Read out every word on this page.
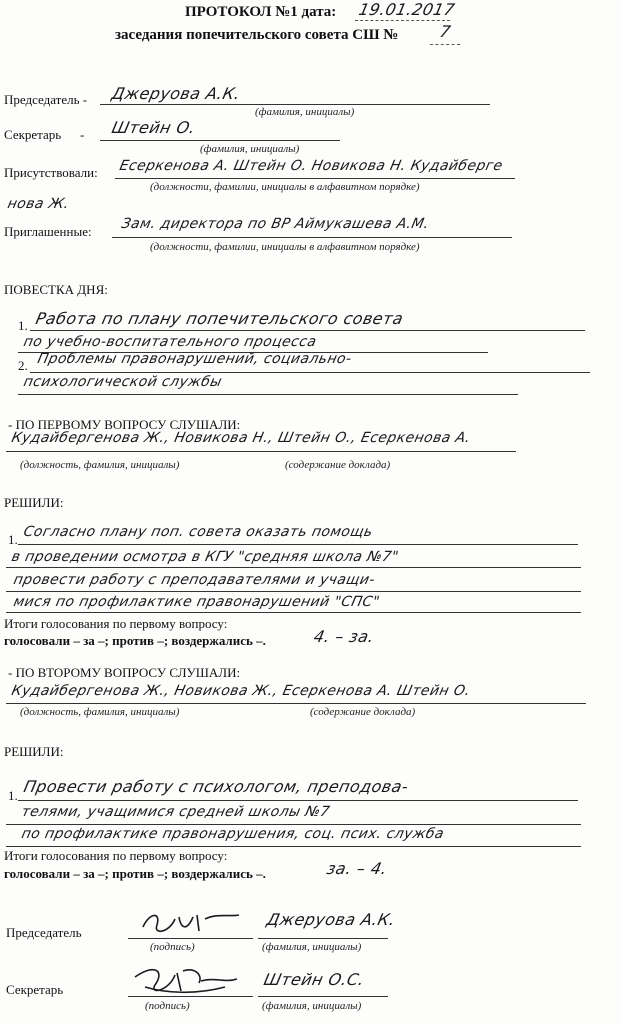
ПРОТОКОЛ №1 дата: 19.01.2017
заседания попечительского совета СШ № 7
Председатель - Джеруова А.К.
(фамилия, инициалы)
Секретарь - Штейн О.
(фамилия, инициалы)
Присутствовали: Есеркенова А. Штейн О. Новикова Н. Кудайберге
(должности, фамилии, инициалы в алфавитном порядке)
нова Ж.
Приглашенные: Зам. директора по ВР Аймукашева А.М.
(должности, фамилии, инициалы в алфавитном порядке)
ПОВЕСТКА ДНЯ:
1. Работа по плану попечительского совета
по учебно-воспитательного процесса
2. Проблемы правонарушений, социально-
психологической службы
- ПО ПЕРВОМУ ВОПРОСУ СЛУШАЛИ:
Кудайбергенова Ж., Новикова Н., Штейн О., Есеркенова А.
(должность, фамилия, инициалы)	(содержание доклада)
РЕШИЛИ:
1. Согласно плану поп. совета оказать помощь
в проведении осмотра в КГУ "средняя школа №7"
провести работу с преподавателями и учащи-
мися по профилактике правонарушений "СПС"
Итоги голосования по первому вопросу:
голосовали – за –; против –; воздержались –.	4. – за.
- ПО ВТОРОМУ ВОПРОСУ СЛУШАЛИ:
Кудайбергенова Ж., Новикова Ж., Есеркенова А. Штейн О.
(должность, фамилия, инициалы)	(содержание доклада)
РЕШИЛИ:
1. Провести работу с психологом, преподова-
телями, учащимися средней школы №7
по профилактике правонарушения, соц. псих. служба
Итоги голосования по первому вопросу:
голосовали – за –; против –; воздержались –.	за. – 4.
Председатель
(подпись)
Джеруова А.К.
(фамилия, инициалы)
Секретарь
(подпись)
Штейн О.С.
(фамилия, инициалы)
